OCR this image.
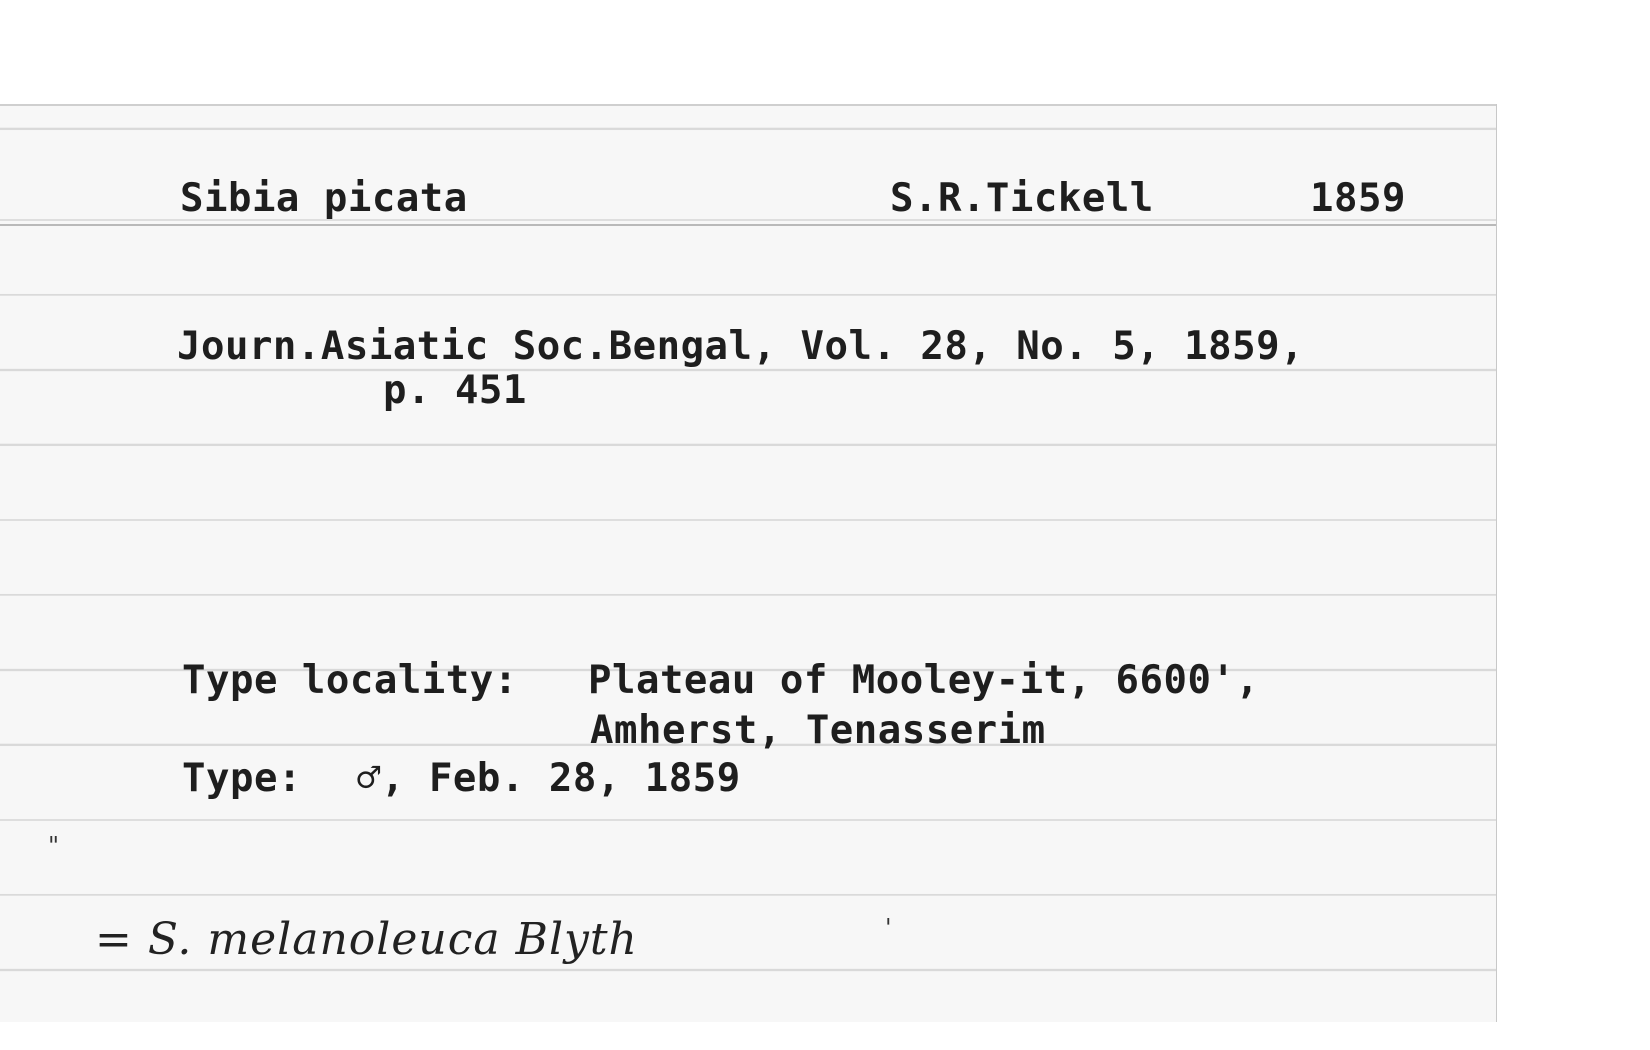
Sibia picata	S.R.Tickell	1859
Journ.Asiatic Soc.Bengal, Vol. 28, No. 5, 1859,
p. 451
Type locality: Plateau of Mooley-it, 6600',
Amherst, Tenasserim
Type: ♂, Feb. 28, 1859
"
= S. melanoleuca Blyth	'
